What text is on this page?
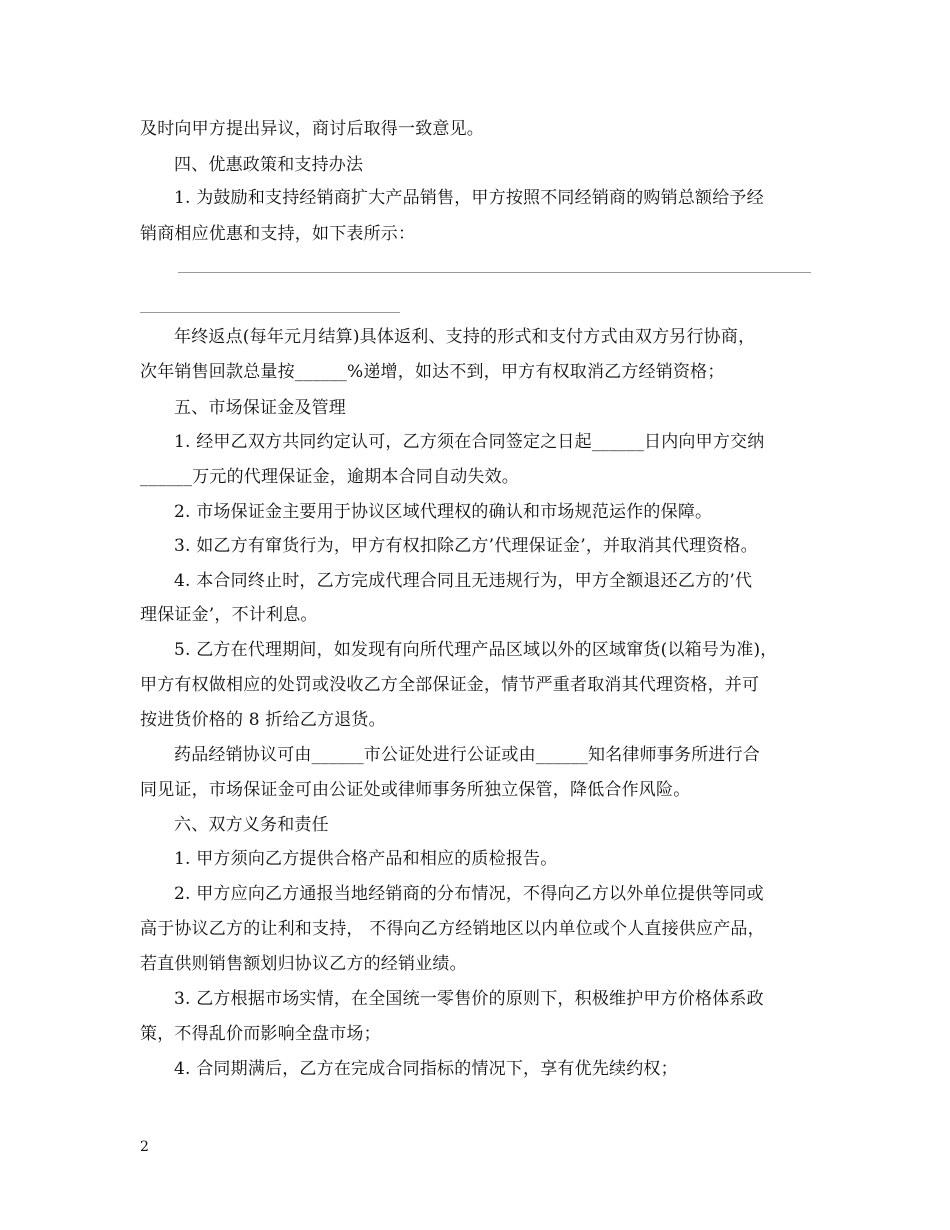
及时向甲方提出异议，商讨后取得一致意见。
四、优惠政策和支持办法
1. 为鼓励和支持经销商扩大产品销售，甲方按照不同经销商的购销总额给予经
销商相应优惠和支持，如下表所示：
年终返点(每年元月结算)具体返利、支持的形式和支付方式由双方另行协商，
次年销售回款总量按______%递增，如达不到，甲方有权取消乙方经销资格；
五、市场保证金及管理
1. 经甲乙双方共同约定认可，乙方须在合同签定之日起______日内向甲方交纳
______万元的代理保证金，逾期本合同自动失效。
2. 市场保证金主要用于协议区域代理权的确认和市场规范运作的保障。
3. 如乙方有窜货行为，甲方有权扣除乙方’代理保证金’，并取消其代理资格。
4. 本合同终止时，乙方完成代理合同且无违规行为，甲方全额退还乙方的’代
理保证金’，不计利息。
5. 乙方在代理期间，如发现有向所代理产品区域以外的区域窜货(以箱号为准)，
甲方有权做相应的处罚或没收乙方全部保证金，情节严重者取消其代理资格，并可
按进货价格的 8 折给乙方退货。
药品经销协议可由______市公证处进行公证或由______知名律师事务所进行合
同见证，市场保证金可由公证处或律师事务所独立保管，降低合作风险。
六、双方义务和责任
1. 甲方须向乙方提供合格产品和相应的质检报告。
2. 甲方应向乙方通报当地经销商的分布情况，不得向乙方以外单位提供等同或
高于协议乙方的让利和支持， 不得向乙方经销地区以内单位或个人直接供应产品，
若直供则销售额划归协议乙方的经销业绩。
3. 乙方根据市场实情，在全国统一零售价的原则下，积极维护甲方价格体系政
策，不得乱价而影响全盘市场；
4. 合同期满后，乙方在完成合同指标的情况下，享有优先续约权；
2
